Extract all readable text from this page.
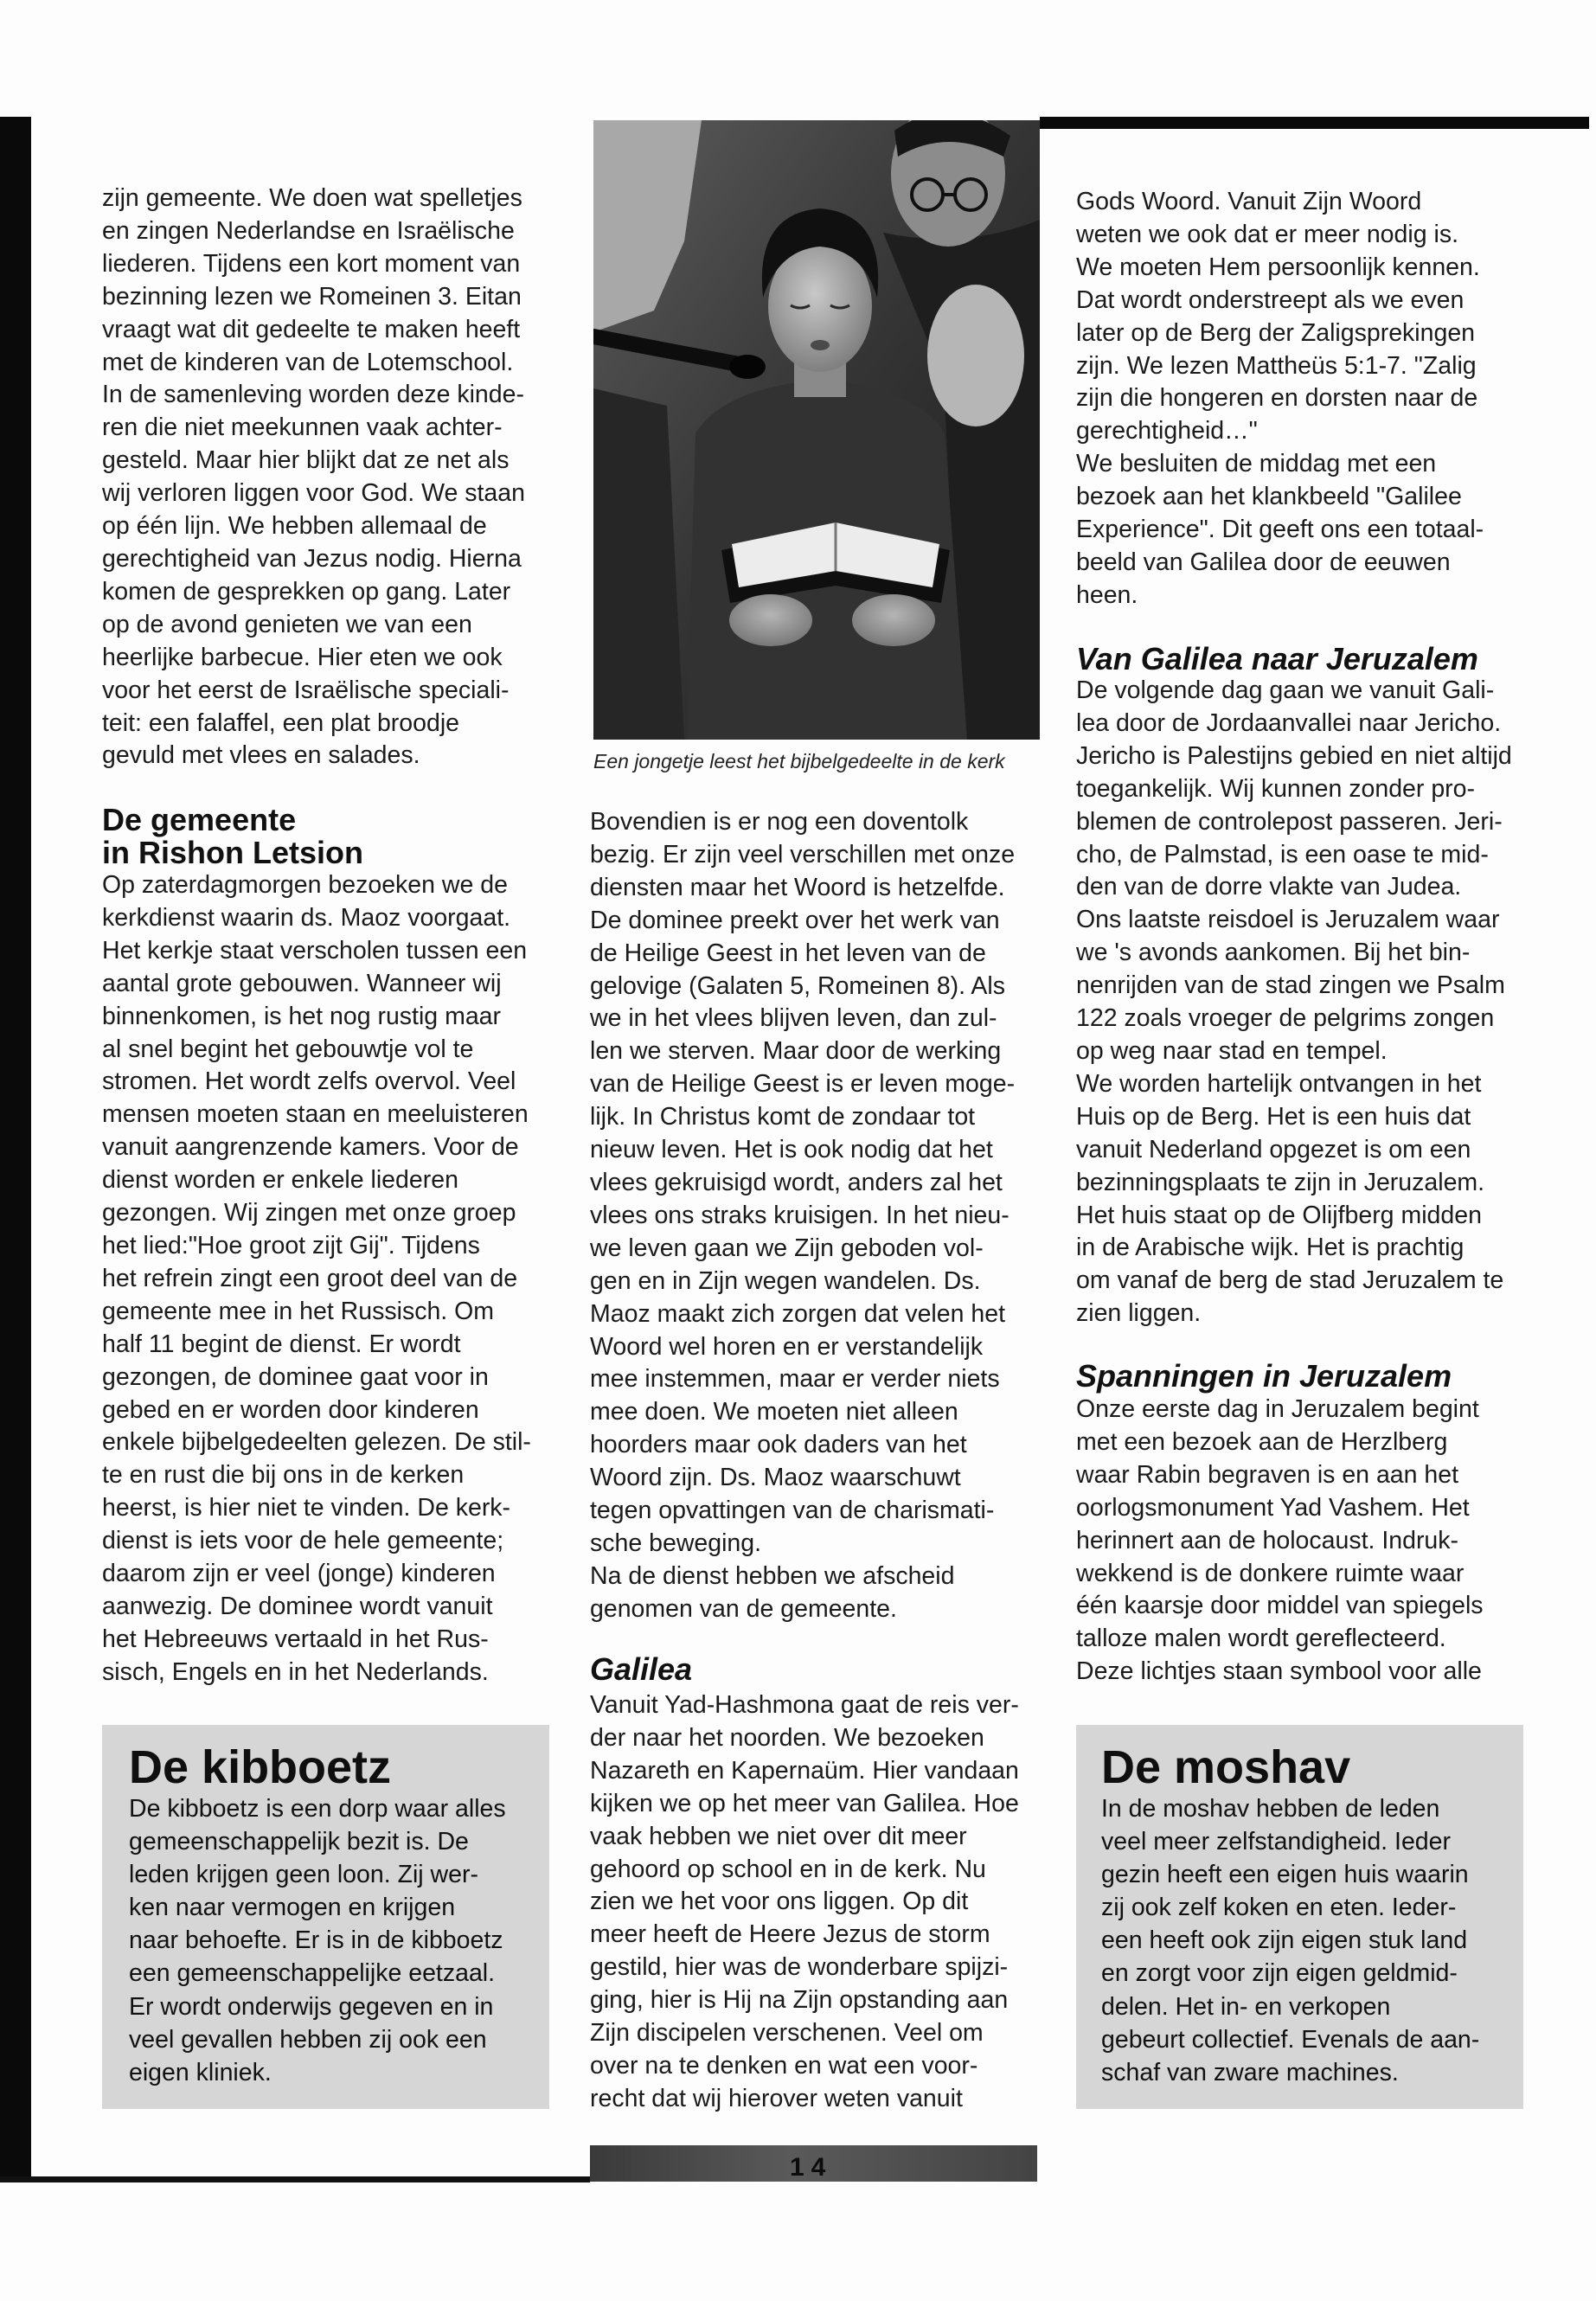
zijn gemeente. We doen wat spelletjes
en zingen Nederlandse en Israëlische
liederen. Tijdens een kort moment van
bezinning lezen we Romeinen 3. Eitan
vraagt wat dit gedeelte te maken heeft
met de kinderen van de Lotemschool.
In de samenleving worden deze kinde-
ren die niet meekunnen vaak achter-
gesteld. Maar hier blijkt dat ze net als
wij verloren liggen voor God. We staan
op één lijn. We hebben allemaal de
gerechtigheid van Jezus nodig. Hierna
komen de gesprekken op gang. Later
op de avond genieten we van een
heerlijke barbecue. Hier eten we ook
voor het eerst de Israëlische speciali-
teit: een falaffel, een plat broodje
gevuld met vlees en salades.
De gemeente
in Rishon Letsion
Op zaterdagmorgen bezoeken we de
kerkdienst waarin ds. Maoz voorgaat.
Het kerkje staat verscholen tussen een
aantal grote gebouwen. Wanneer wij
binnenkomen, is het nog rustig maar
al snel begint het gebouwtje vol te
stromen. Het wordt zelfs overvol. Veel
mensen moeten staan en meeluisteren
vanuit aangrenzende kamers. Voor de
dienst worden er enkele liederen
gezongen. Wij zingen met onze groep
het lied:"Hoe groot zijt Gij". Tijdens
het refrein zingt een groot deel van de
gemeente mee in het Russisch. Om
half 11 begint de dienst. Er wordt
gezongen, de dominee gaat voor in
gebed en er worden door kinderen
enkele bijbelgedeelten gelezen. De stil-
te en rust die bij ons in de kerken
heerst, is hier niet te vinden. De kerk-
dienst is iets voor de hele gemeente;
daarom zijn er veel (jonge) kinderen
aanwezig. De dominee wordt vanuit
het Hebreeuws vertaald in het Rus-
sisch, Engels en in het Nederlands.
De kibboetz
De kibboetz is een dorp waar alles
gemeenschappelijk bezit is. De
leden krijgen geen loon. Zij wer-
ken naar vermogen en krijgen
naar behoefte. Er is in de kibboetz
een gemeenschappelijke eetzaal.
Er wordt onderwijs gegeven en in
veel gevallen hebben zij ook een
eigen kliniek.
Een jongetje leest het bijbelgedeelte in de kerk
Bovendien is er nog een doventolk
bezig. Er zijn veel verschillen met onze
diensten maar het Woord is hetzelfde.
De dominee preekt over het werk van
de Heilige Geest in het leven van de
gelovige (Galaten 5, Romeinen 8). Als
we in het vlees blijven leven, dan zul-
len we sterven. Maar door de werking
van de Heilige Geest is er leven moge-
lijk. In Christus komt de zondaar tot
nieuw leven. Het is ook nodig dat het
vlees gekruisigd wordt, anders zal het
vlees ons straks kruisigen. In het nieu-
we leven gaan we Zijn geboden vol-
gen en in Zijn wegen wandelen. Ds.
Maoz maakt zich zorgen dat velen het
Woord wel horen en er verstandelijk
mee instemmen, maar er verder niets
mee doen. We moeten niet alleen
hoorders maar ook daders van het
Woord zijn. Ds. Maoz waarschuwt
tegen opvattingen van de charismati-
sche beweging.
Na de dienst hebben we afscheid
genomen van de gemeente.
Galilea
Vanuit Yad-Hashmona gaat de reis ver-
der naar het noorden. We bezoeken
Nazareth en Kapernaüm. Hier vandaan
kijken we op het meer van Galilea. Hoe
vaak hebben we niet over dit meer
gehoord op school en in de kerk. Nu
zien we het voor ons liggen. Op dit
meer heeft de Heere Jezus de storm
gestild, hier was de wonderbare spijzi-
ging, hier is Hij na Zijn opstanding aan
Zijn discipelen verschenen. Veel om
over na te denken en wat een voor-
recht dat wij hierover weten vanuit
14
Gods Woord. Vanuit Zijn Woord
weten we ook dat er meer nodig is.
We moeten Hem persoonlijk kennen.
Dat wordt onderstreept als we even
later op de Berg der Zaligsprekingen
zijn. We lezen Mattheüs 5:1-7. "Zalig
zijn die hongeren en dorsten naar de
gerechtigheid…"
We besluiten de middag met een
bezoek aan het klankbeeld "Galilee
Experience". Dit geeft ons een totaal-
beeld van Galilea door de eeuwen
heen.
Van Galilea naar Jeruzalem
De volgende dag gaan we vanuit Gali-
lea door de Jordaanvallei naar Jericho.
Jericho is Palestijns gebied en niet altijd
toegankelijk. Wij kunnen zonder pro-
blemen de controlepost passeren. Jeri-
cho, de Palmstad, is een oase te mid-
den van de dorre vlakte van Judea.
Ons laatste reisdoel is Jeruzalem waar
we 's avonds aankomen. Bij het bin-
nenrijden van de stad zingen we Psalm
122 zoals vroeger de pelgrims zongen
op weg naar stad en tempel.
We worden hartelijk ontvangen in het
Huis op de Berg. Het is een huis dat
vanuit Nederland opgezet is om een
bezinningsplaats te zijn in Jeruzalem.
Het huis staat op de Olijfberg midden
in de Arabische wijk. Het is prachtig
om vanaf de berg de stad Jeruzalem te
zien liggen.
Spanningen in Jeruzalem
Onze eerste dag in Jeruzalem begint
met een bezoek aan de Herzlberg
waar Rabin begraven is en aan het
oorlogsmonument Yad Vashem. Het
herinnert aan de holocaust. Indruk-
wekkend is de donkere ruimte waar
één kaarsje door middel van spiegels
talloze malen wordt gereflecteerd.
Deze lichtjes staan symbool voor alle
De moshav
In de moshav hebben de leden
veel meer zelfstandigheid. Ieder
gezin heeft een eigen huis waarin
zij ook zelf koken en eten. Ieder-
een heeft ook zijn eigen stuk land
en zorgt voor zijn eigen geldmid-
delen. Het in- en verkopen
gebeurt collectief. Evenals de aan-
schaf van zware machines.
